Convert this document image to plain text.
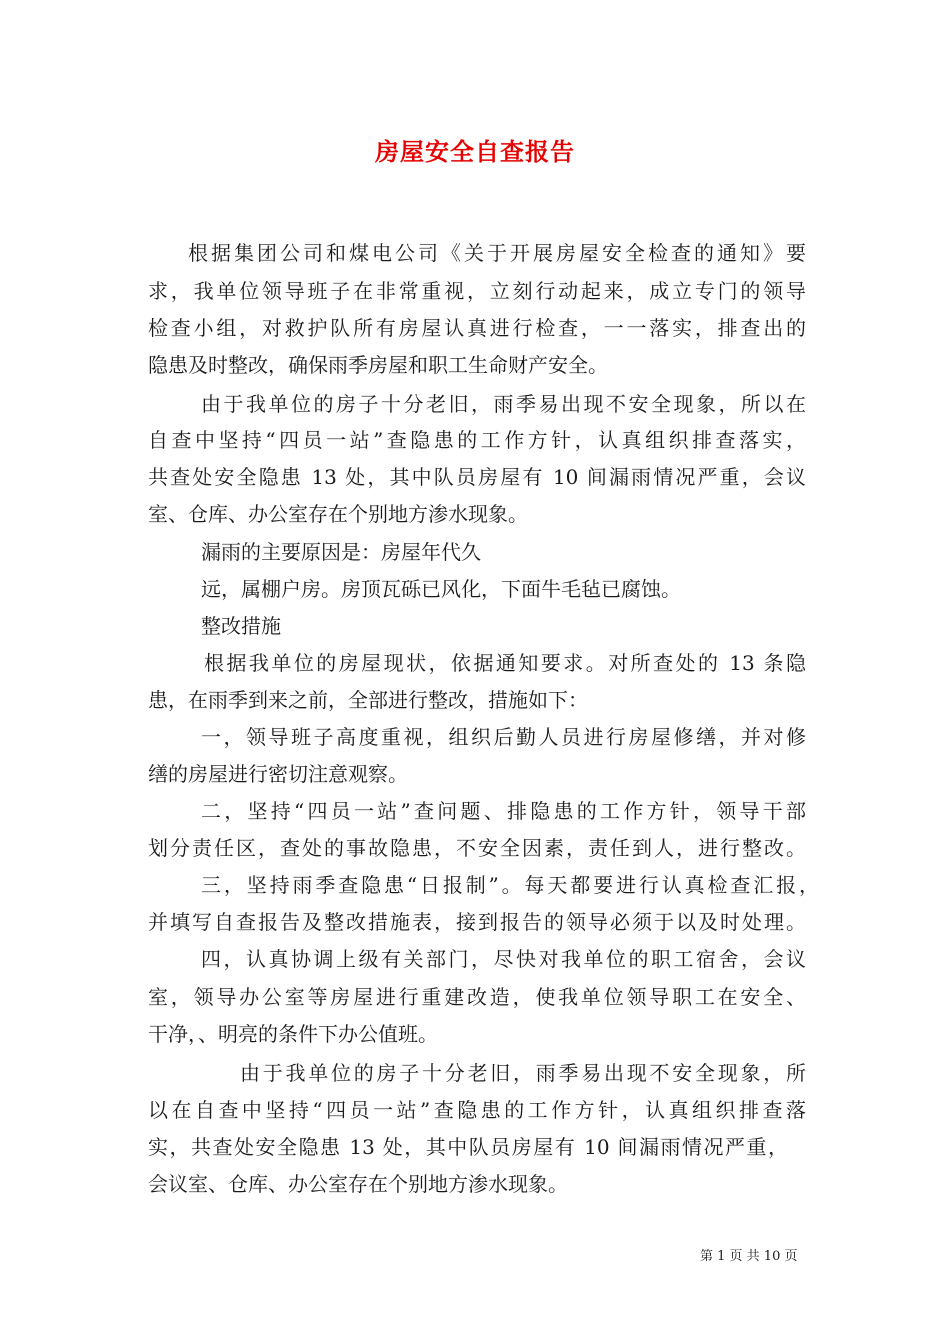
房屋安全自查报告
根据集团公司和煤电公司《关于开展房屋安全检查的通知》要
求，我单位领导班子在非常重视，立刻行动起来，成立专门的领导
检查小组，对救护队所有房屋认真进行检查，一一落实，排查出的
隐患及时整改，确保雨季房屋和职工生命财产安全。
由于我单位的房子十分老旧，雨季易出现不安全现象，所以在
自查中坚持“四员一站”查隐患的工作方针，认真组织排查落实，
共查处安全隐患 13 处，其中队员房屋有 10 间漏雨情况严重，会议
室、仓库、办公室存在个别地方渗水现象。
漏雨的主要原因是：房屋年代久
远，属棚户房。房顶瓦砾已风化，下面牛毛毡已腐蚀。
整改措施
根据我单位的房屋现状，依据通知要求。对所查处的 13 条隐
患，在雨季到来之前，全部进行整改，措施如下：
一，领导班子高度重视，组织后勤人员进行房屋修缮，并对修
缮的房屋进行密切注意观察。
二，坚持“四员一站”查问题、排隐患的工作方针，领导干部
划分责任区，查处的事故隐患，不安全因素，责任到人，进行整改。
三，坚持雨季查隐患“日报制”。每天都要进行认真检查汇报，
并填写自查报告及整改措施表，接到报告的领导必须于以及时处理。
四，认真协调上级有关部门，尽快对我单位的职工宿舍，会议
室，领导办公室等房屋进行重建改造，使我单位领导职工在安全、
干净，、明亮的条件下办公值班。
由于我单位的房子十分老旧，雨季易出现不安全现象，所
以在自查中坚持“四员一站”查隐患的工作方针，认真组织排查落
实，共查处安全隐患 13 处，其中队员房屋有 10 间漏雨情况严重，
会议室、仓库、办公室存在个别地方渗水现象。
第 1 页 共 10 页
